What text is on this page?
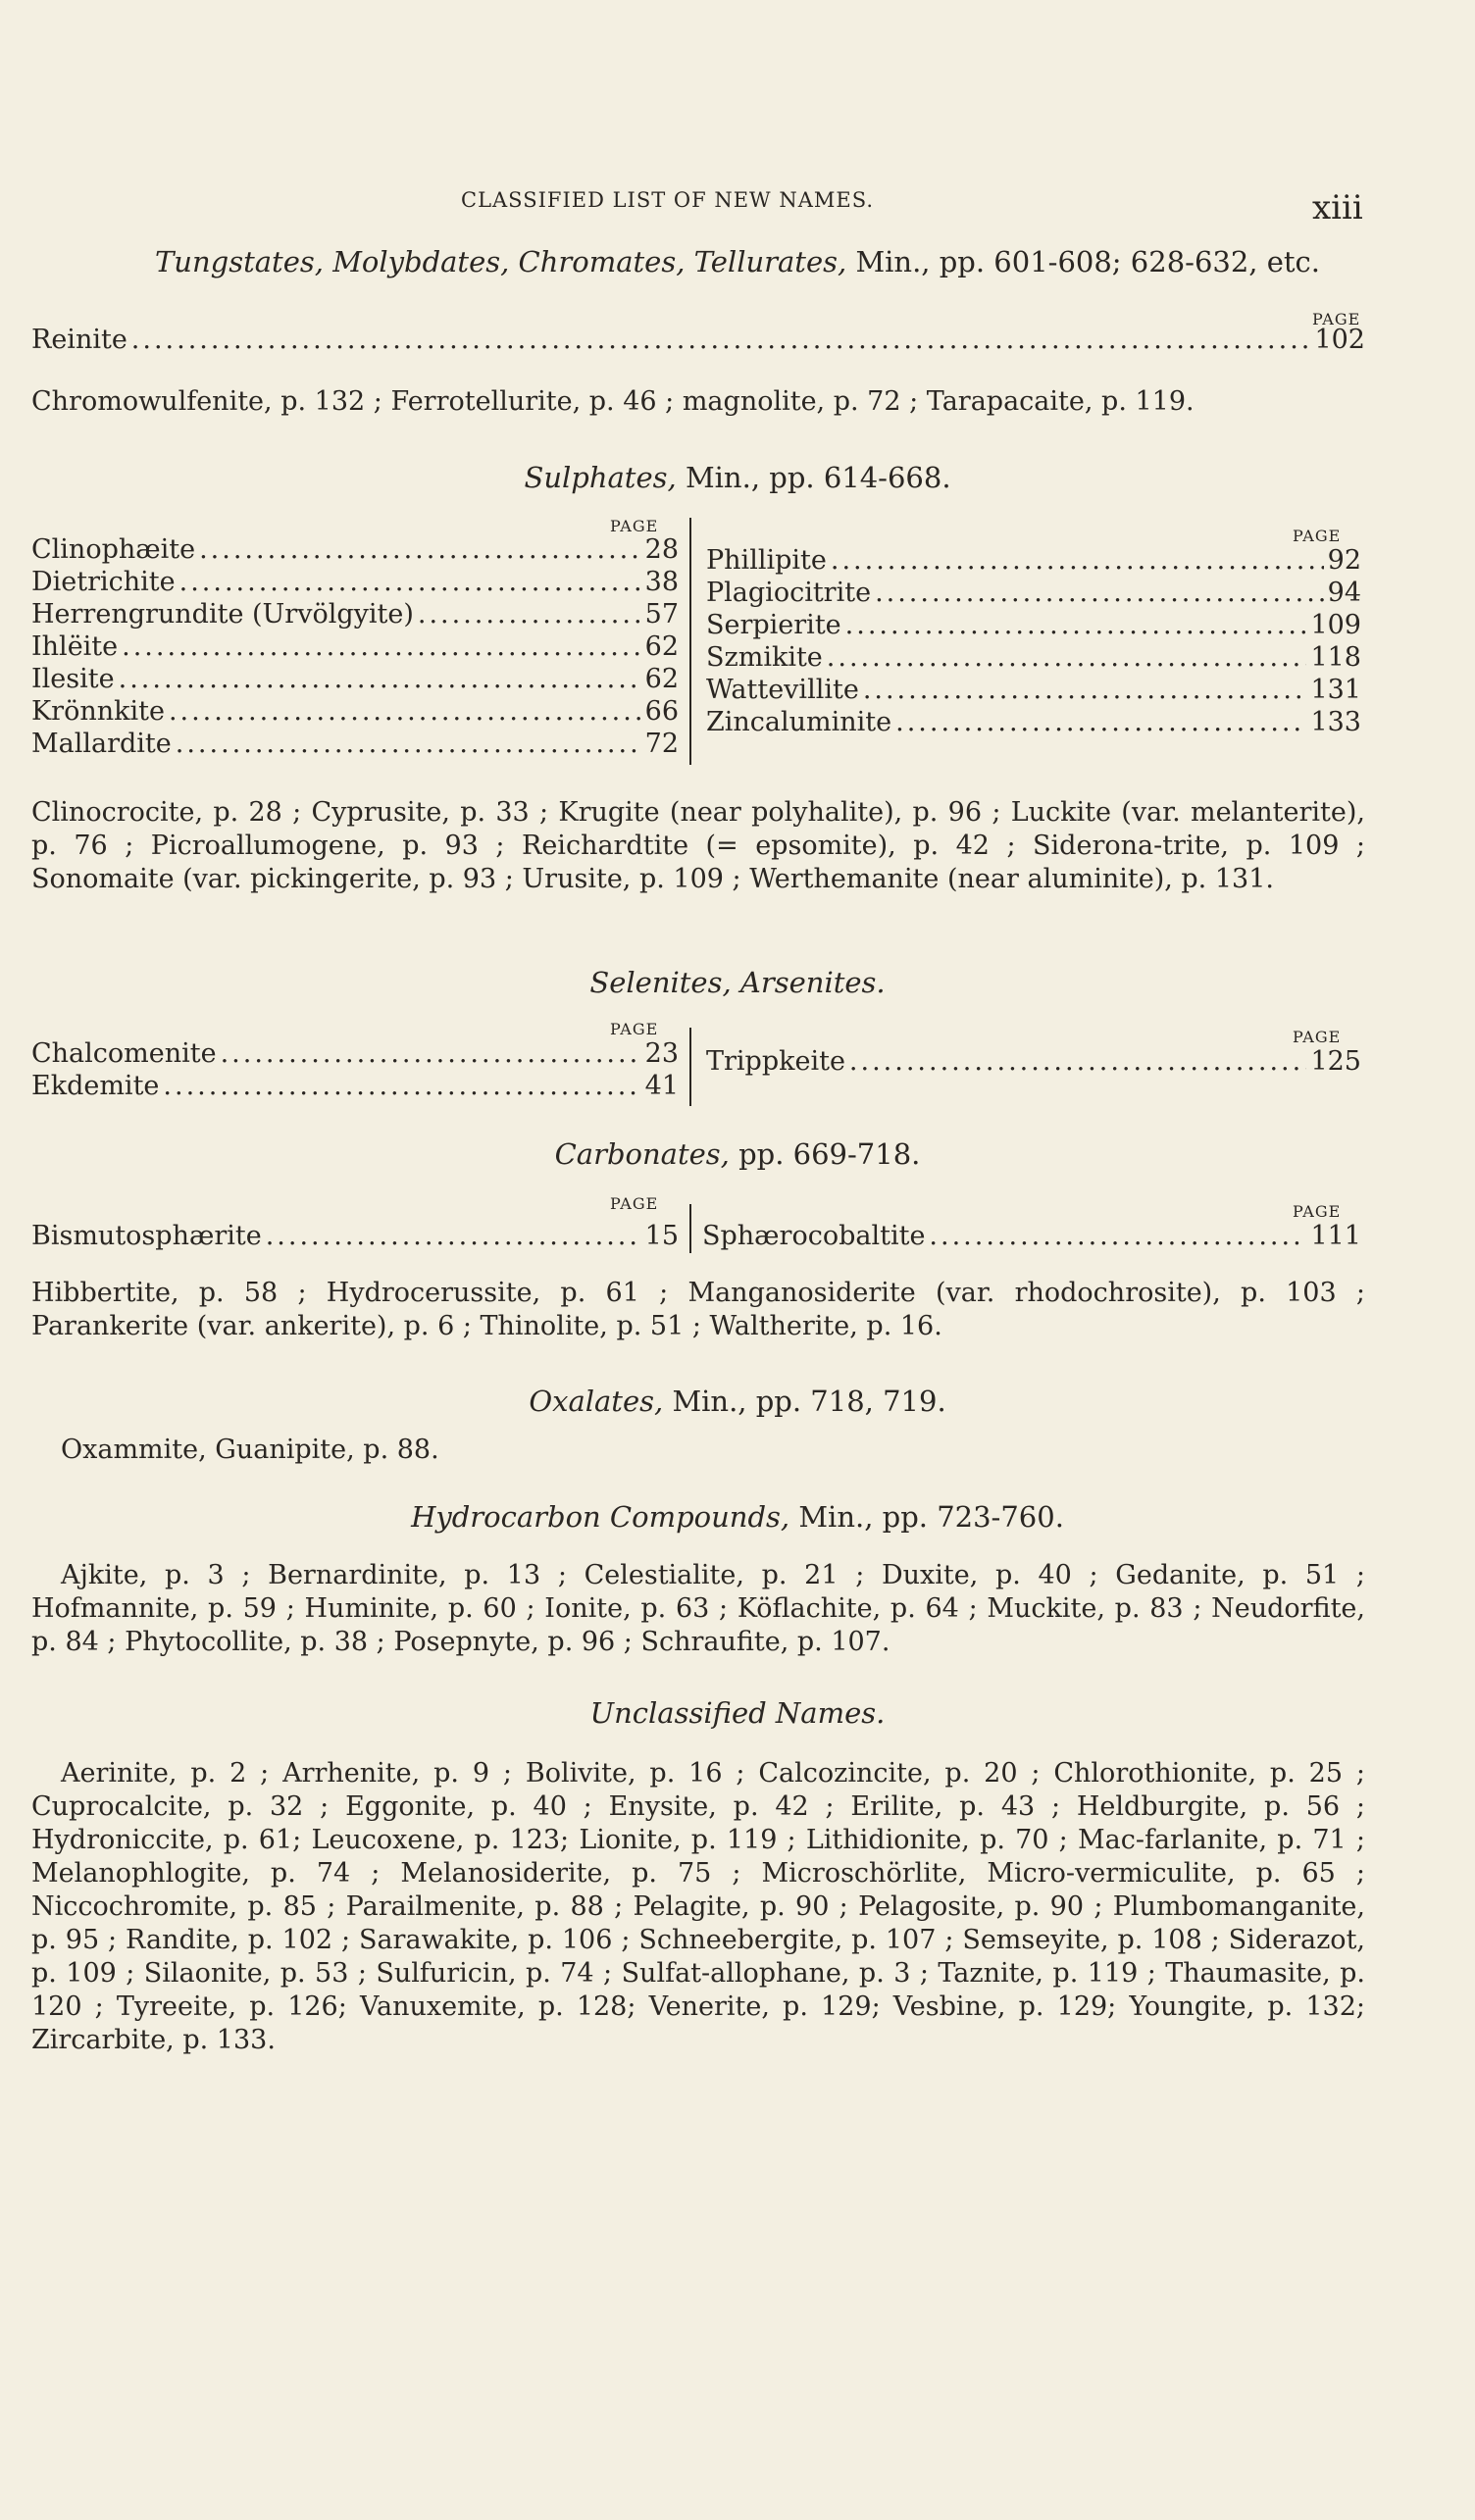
CLASSIFIED LIST OF NEW NAMES.	xiii
Tungstates, Molybdates, Chromates, Tellurates, Min., pp. 601-608; 628-632, etc.
PAGE
Reinite .....	102
Chromowulfenite, p. 132 ; Ferrotellurite, p. 46 ; magnolite, p. 72 ; Tarapacaite, p. 119.
Sulphates, Min., pp. 614-668.
PAGE
PAGE
Clinophæite .....	28
Dietrichite .....	38
Herrengrundite (Urvölgyite) .....	57
Ihlëite .....	62
Ilesite .....	62
Krönnkite .....	66
Mallardite .....	72
Phillipite .....	92
Plagiocitrite .....	94
Serpierite .....	109
Szmikite .....	118
Wattevillite .....	131
Zincaluminite .....	133
Clinocrocite, p. 28 ; Cyprusite, p. 33 ; Krugite (near polyhalite), p. 96 ; Luckite (var. melanterite), p. 76 ; Picroallumogene, p. 93 ; Reichardtite (= epsomite), p. 42 ; Siderona-trite, p. 109 ; Sonomaite (var. pickingerite, p. 93 ; Urusite, p. 109 ; Werthemanite (near aluminite), p. 131.
Selenites, Arsenites.
PAGE	PAGE
Chalcomenite .....	23
Ekdemite .....	41
Trippkeite .....	125
Carbonates, pp. 669-718.
PAGE	PAGE
Bismutosphærite .....	15 Sphærocobaltite .....	111
Hibbertite, p. 58 ; Hydrocerussite, p. 61 ; Manganosiderite (var. rhodochrosite), p. 103 ; Parankerite (var. ankerite), p. 6 ; Thinolite, p. 51 ; Waltherite, p. 16.
Oxalates, Min., pp. 718, 719.
Oxammite, Guanipite, p. 88.
Hydrocarbon Compounds, Min., pp. 723-760.
Ajkite, p. 3 ; Bernardinite, p. 13 ; Celestialite, p. 21 ; Duxite, p. 40 ; Gedanite, p. 51 ; Hofmannite, p. 59 ; Huminite, p. 60 ; Ionite, p. 63 ; Köflachite, p. 64 ; Muckite, p. 83 ; Neudorfite, p. 84 ; Phytocollite, p. 38 ; Posepnyte, p. 96 ; Schraufite, p. 107.
Unclassified Names.
Aerinite, p. 2 ; Arrhenite, p. 9 ; Bolivite, p. 16 ; Calcozincite, p. 20 ; Chlorothionite, p. 25 ; Cuprocalcite, p. 32 ; Eggonite, p. 40 ; Enysite, p. 42 ; Erilite, p. 43 ; Heldburgite, p. 56 ; Hydroniccite, p. 61; Leucoxene, p. 123; Lionite, p. 119 ; Lithidionite, p. 70 ; Mac-farlanite, p. 71 ; Melanophlogite, p. 74 ; Melanosiderite, p. 75 ; Microschörlite, Micro-vermiculite, p. 65 ; Niccochromite, p. 85 ; Parailmenite, p. 88 ; Pelagite, p. 90 ; Pelagosite, p. 90 ; Plumbomanganite, p. 95 ; Randite, p. 102 ; Sarawakite, p. 106 ; Schneebergite, p. 107 ; Semseyite, p. 108 ; Siderazot, p. 109 ; Silaonite, p. 53 ; Sulfuricin, p. 74 ; Sulfat-allophane, p. 3 ; Taznite, p. 119 ; Thaumasite, p. 120 ; Tyreeite, p. 126; Vanuxemite, p. 128; Venerite, p. 129; Vesbine, p. 129; Youngite, p. 132; Zircarbite, p. 133.
